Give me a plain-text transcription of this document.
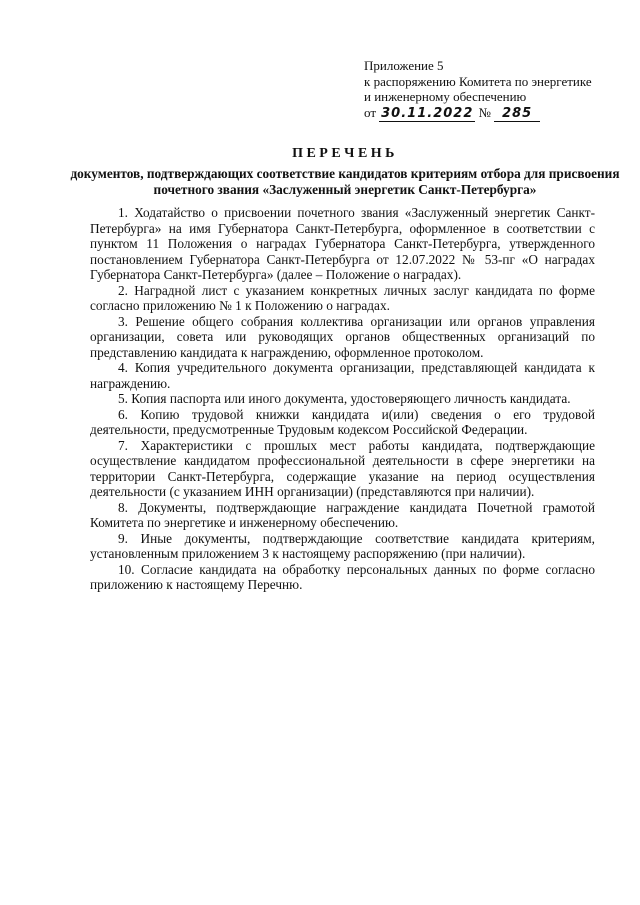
Приложение 5
к распоряжению Комитета по энергетике
и инженерному обеспечению
от 30.11.2022 № 285
ПЕРЕЧЕНЬ
документов, подтверждающих соответствие кандидатов критериям отбора для присвоения почетного звания «Заслуженный энергетик Санкт-Петербурга»

1. Ходатайство о присвоении почетного звания «Заслуженный энергетик Санкт-Петербурга» на имя Губернатора Санкт-Петербурга, оформленное в соответствии с пунктом 11 Положения о наградах Губернатора Санкт-Петербурга, утвержденного постановлением Губернатора Санкт-Петербурга от 12.07.2022 № 53-пг «О наградах Губернатора Санкт-Петербурга» (далее – Положение о наградах).

2. Наградной лист с указанием конкретных личных заслуг кандидата по форме согласно приложению № 1 к Положению о наградах.

3. Решение общего собрания коллектива организации или органов управления организации, совета или руководящих органов общественных организаций по представлению кандидата к награждению, оформленное протоколом.

4. Копия учредительного документа организации, представляющей кандидата к награждению.

5. Копия паспорта или иного документа, удостоверяющего личность кандидата.

6. Копию трудовой книжки кандидата и(или) сведения о его трудовой деятельности, предусмотренные Трудовым кодексом Российской Федерации.

7. Характеристики с прошлых мест работы кандидата, подтверждающие осуществление кандидатом профессиональной деятельности в сфере энергетики на территории Санкт-Петербурга, содержащие указание на период осуществления деятельности (с указанием ИНН организации) (представляются при наличии).

8. Документы, подтверждающие награждение кандидата Почетной грамотой Комитета по энергетике и инженерному обеспечению.

9. Иные документы, подтверждающие соответствие кандидата критериям, установленным приложением 3 к настоящему распоряжению (при наличии).

10. Согласие кандидата на обработку персональных данных по форме согласно приложению к настоящему Перечню.
